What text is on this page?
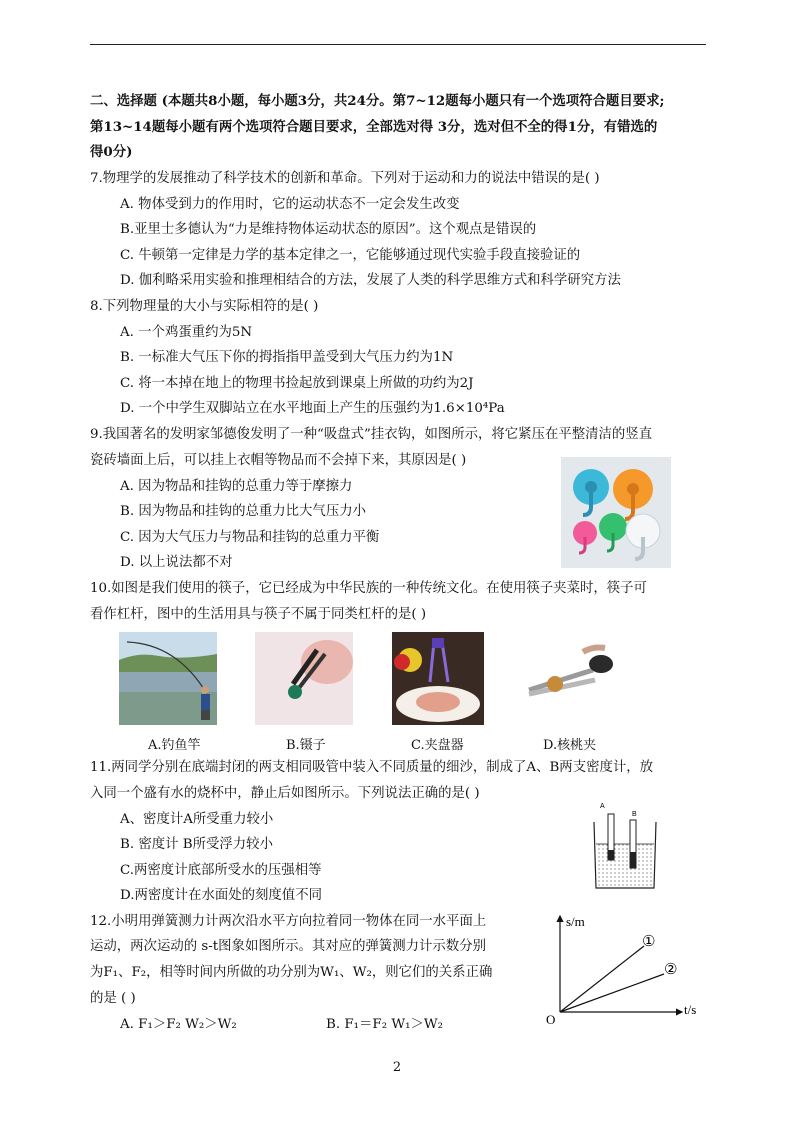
二、选择题 (本题共8小题，每小题3分，共24分。第7~12题每小题只有一个选项符合题目要求;
第13~14题每小题有两个选项符合题目要求，全部选对得 3分，选对但不全的得1分，有错选的
得0分)
7.物理学的发展推动了科学技术的创新和革命。下列对于运动和力的说法中错误的是( )
A. 物体受到力的作用时，它的运动状态不一定会发生改变
B.亚里士多德认为“力是维持物体运动状态的原因”。这个观点是错误的
C. 牛顿第一定律是力学的基本定律之一，它能够通过现代实验手段直接验证的
D. 伽利略采用实验和推理相结合的方法，发展了人类的科学思维方式和科学研究方法
8.下列物理量的大小与实际相符的是( )
A. 一个鸡蛋重约为5N
B. 一标准大气压下你的拇指指甲盖受到大气压力约为1N
C. 将一本掉在地上的物理书捡起放到课桌上所做的功约为2J
D. 一个中学生双脚站立在水平地面上产生的压强约为1.6×10⁴Pa
9.我国著名的发明家邹德俊发明了一种“吸盘式”挂衣钩，如图所示，将它紧压在平整清洁的竖直
瓷砖墙面上后，可以挂上衣帽等物品而不会掉下来，其原因是( )
A. 因为物品和挂钩的总重力等于摩擦力
B. 因为物品和挂钩的总重力比大气压力小
C. 因为大气压力与物品和挂钩的总重力平衡
D. 以上说法都不对
10.如图是我们使用的筷子，它已经成为中华民族的一种传统文化。在使用筷子夹菜时，筷子可
看作杠杆，图中的生活用具与筷子不属于同类杠杆的是( )
A.钓鱼竿	B.镊子	C.夹盘器	D.核桃夹
11.两同学分别在底端封闭的两支相同吸管中装入不同质量的细沙，制成了A、B两支密度计，放
入同一个盛有水的烧杯中，静止后如图所示。下列说法正确的是( )
A、密度计A所受重力较小
B. 密度计 B所受浮力较小
C.两密度计底部所受水的压强相等
D.两密度计在水面处的刻度值不同
A
B
12.小明用弹簧测力计两次沿水平方向拉着同一物体在同一水平面上
运动，两次运动的 s-t图象如图所示。其对应的弹簧测力计示数分别
为F₁、F₂，相等时间内所做的功分别为W₁、W₂，则它们的关系正确
的是 ( )
A. F₁＞F₂ W₂＞W₂	B. F₁＝F₂ W₁＞W₂
s/m
t/s
O
①
②
2
